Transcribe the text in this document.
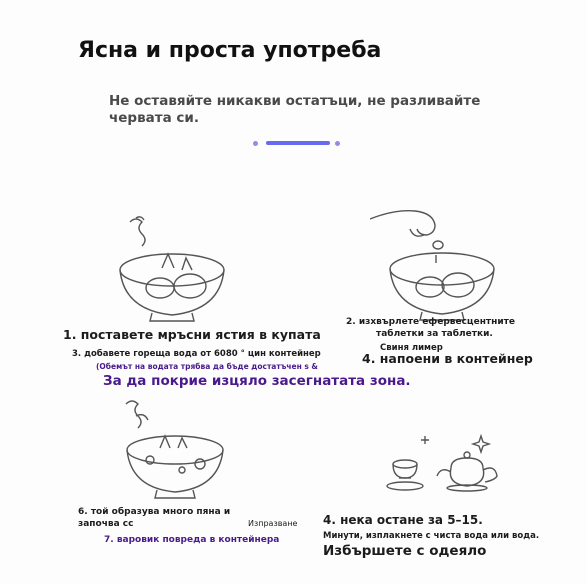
Ясна и проста употреба
Не оставяйте никакви остатъци, не разливайте червата си.
1. поставете мръсни ястия в купата
3. добавете гореща вода от 6080 ° цин контейнер
(Обемът на водата трябва да бъде достатъчен s &
За да покрие изцяло засегнатата зона.
2. изхвърлете ефервесцентните
таблетки за таблетки.
Свиня лимер
4. напоени в контейнер
6. той образува много пяна и
започва сс	Изпразване
7. варовик повреда в контейнера
4. нека остане за 5–15.
Минути, изплакнете с чиста вода или вода.
Избършете с одеяло
